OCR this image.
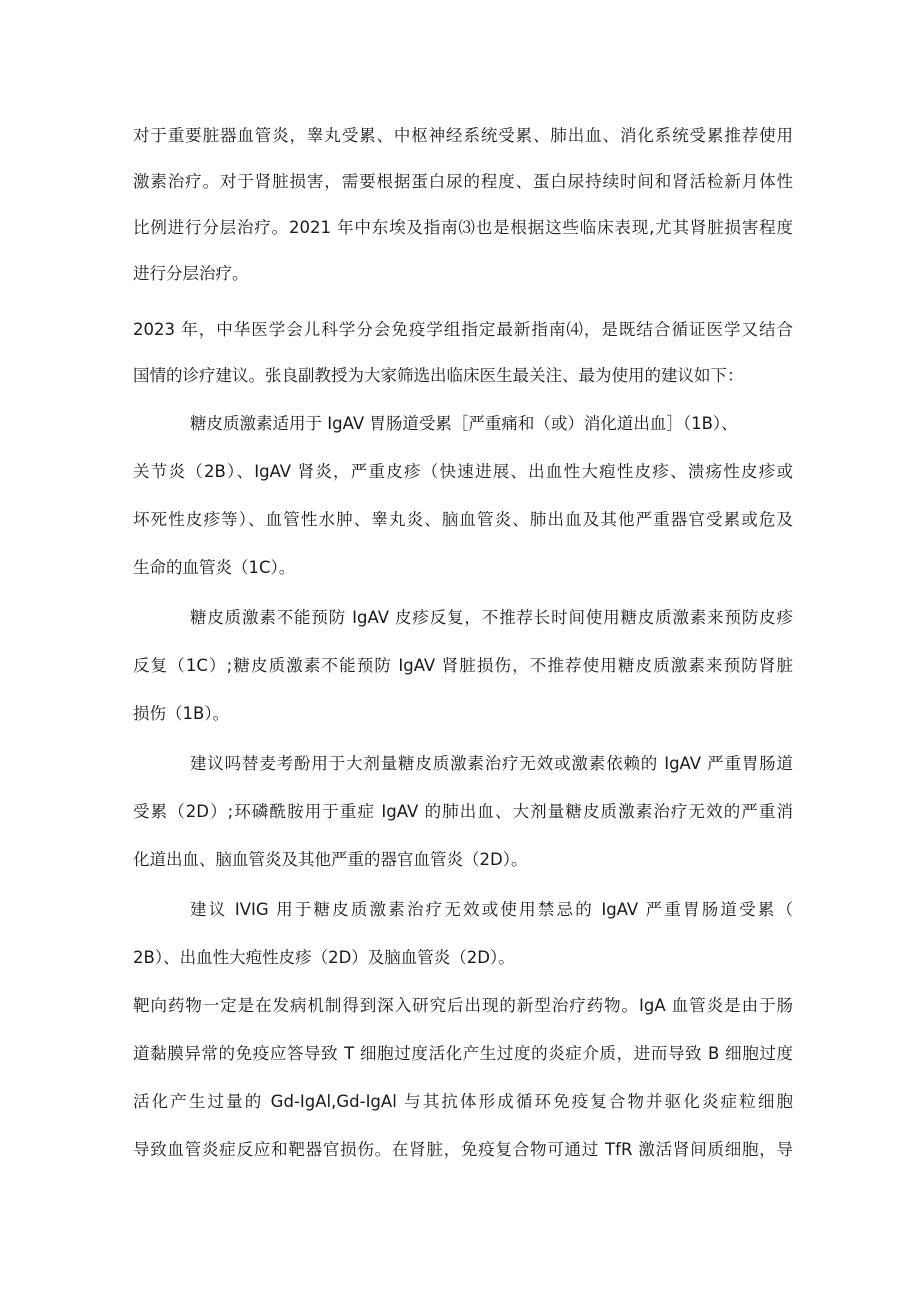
对于重要脏器血管炎，睾丸受累、中枢神经系统受累、肺出血、消化系统受累推荐使用
激素治疗。对于肾脏损害，需要根据蛋白尿的程度、蛋白尿持续时间和肾活检新月体性
比例进行分层治疗。2021 年中东埃及指南⑶也是根据这些临床表现,尤其肾脏损害程度
进行分层治疗。
2023 年，中华医学会儿科学分会免疫学组指定最新指南⑷，是既结合循证医学又结合
国情的诊疗建议。张良副教授为大家筛选出临床医生最关注、最为使用的建议如下：
糖皮质激素适用于 IgAV 胃肠道受累［严重痛和（或）消化道出血］（1B）、
关节炎（2B）、IgAV 肾炎，严重皮疹（快速进展、出血性大疱性皮疹、溃疡性皮疹或
坏死性皮疹等）、血管性水肿、睾丸炎、脑血管炎、肺出血及其他严重器官受累或危及
生命的血管炎（1C）。
糖皮质激素不能预防 IgAV 皮疹反复，不推荐长时间使用糖皮质激素来预防皮疹
反复（1C）;糖皮质激素不能预防 IgAV 肾脏损伤，不推荐使用糖皮质激素来预防肾脏
损伤（1B）。
建议吗替麦考酚用于大剂量糖皮质激素治疗无效或激素依赖的 IgAV 严重胃肠道
受累（2D）;环磷酰胺用于重症 IgAV 的肺出血、大剂量糖皮质激素治疗无效的严重消
化道出血、脑血管炎及其他严重的器官血管炎（2D）。
建议 IVIG 用于糖皮质激素治疗无效或使用禁忌的 IgAV 严重胃肠道受累（
2B）、出血性大疱性皮疹（2D）及脑血管炎（2D）。
靶向药物一定是在发病机制得到深入研究后出现的新型治疗药物。IgA 血管炎是由于肠
道黏膜异常的免疫应答导致 T 细胞过度活化产生过度的炎症介质，进而导致 B 细胞过度
活化产生过量的 Gd-IgAl,Gd-IgAl 与其抗体形成循环免疫复合物并驱化炎症粒细胞
导致血管炎症反应和靶器官损伤。在肾脏，免疫复合物可通过 TfR 激活肾间质细胞，导
